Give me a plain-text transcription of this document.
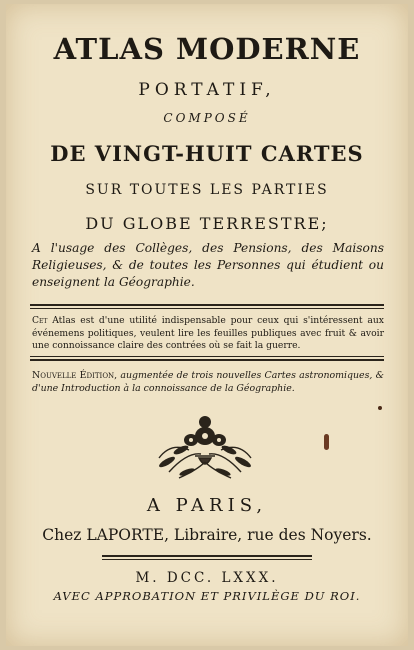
ATLAS MODERNE
PORTATIF,
COMPOSÉ
DE VINGT-HUIT CARTES
SUR TOUTES LES PARTIES
DU GLOBE TERRESTRE;
A l'usage des Collèges, des Pensions, des Maisons Religieuses, & de toutes les Personnes qui étudient ou enseignent la Géographie.
Cet Atlas est d'une utilité indispensable pour ceux qui s'intéressent aux événemens politiques, veulent lire les feuilles publiques avec fruit & avoir une connoissance claire des contrées où se fait la guerre.
Nouvelle Édition, augmentée de trois nouvelles Cartes astronomiques, & d'une Introduction à la connoissance de la Géographie.
A PARIS,
Chez LAPORTE, Libraire, rue des Noyers.
M. DCC. LXXX.
AVEC APPROBATION ET PRIVILÈGE DU ROI.
